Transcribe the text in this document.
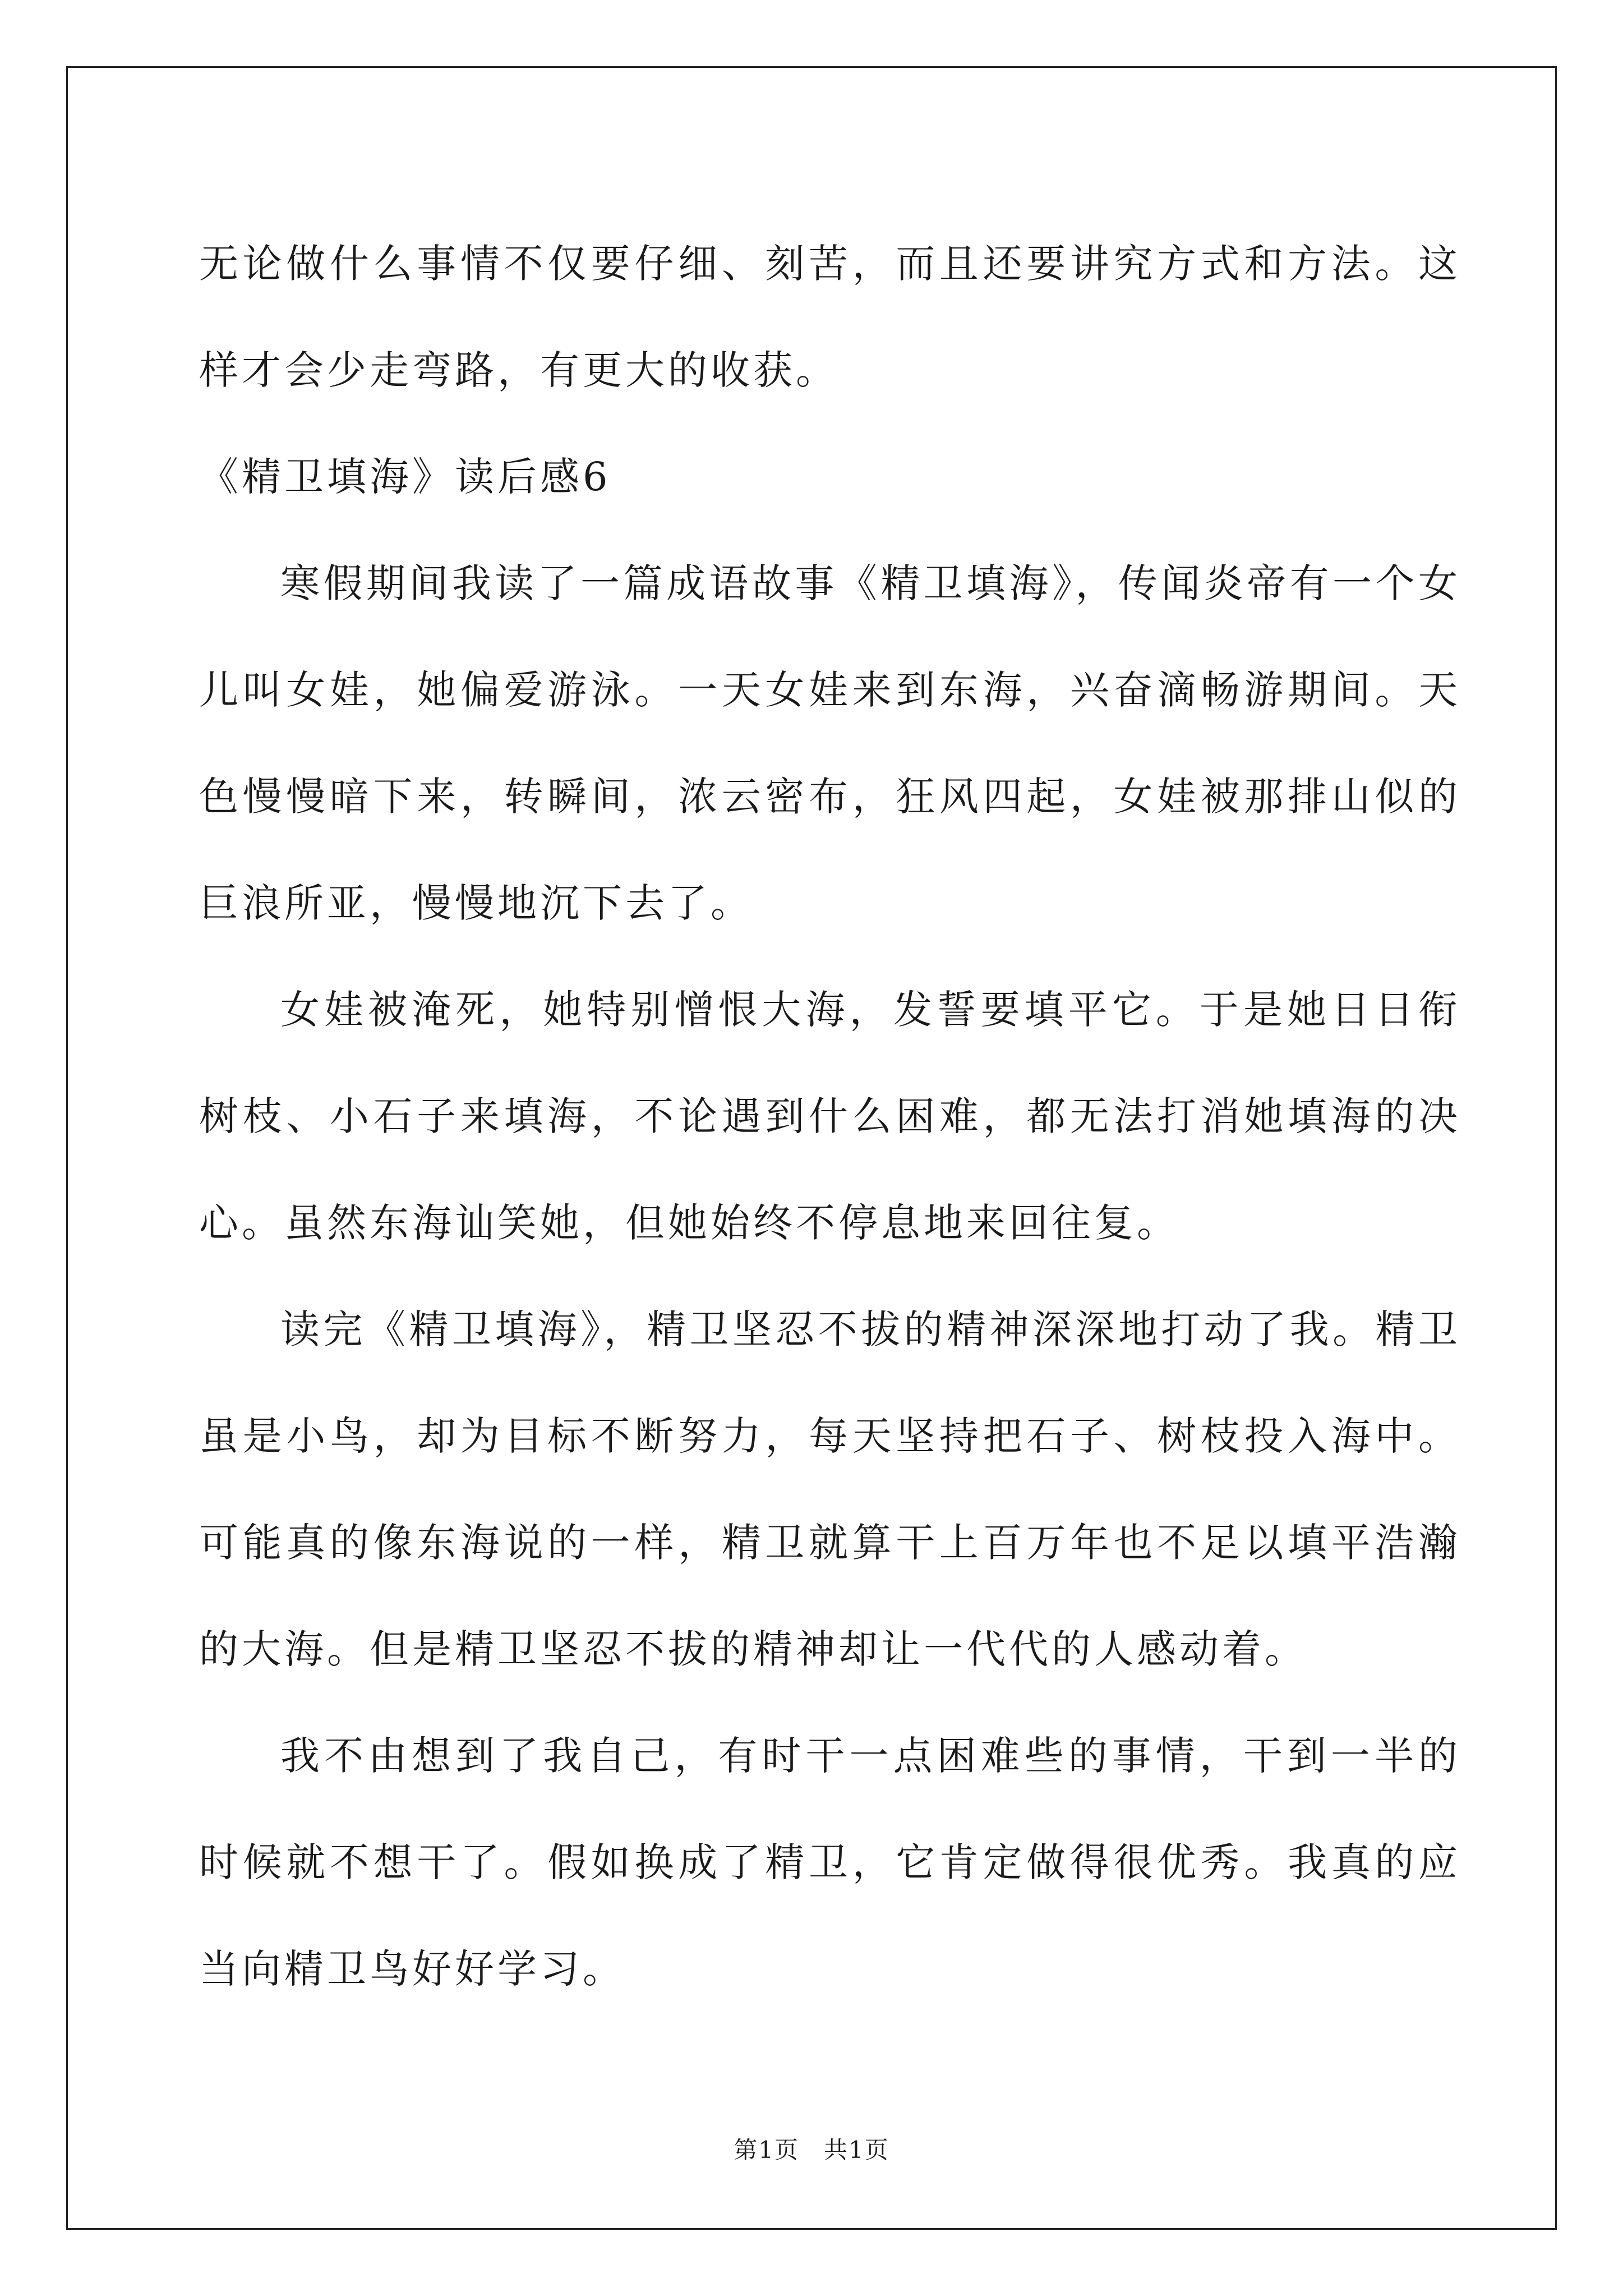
无论做什么事情不仅要仔细、刻苦，而且还要讲究方式和方法。这样才会少走弯路，有更大的收获。

《精卫填海》读后感6

寒假期间我读了一篇成语故事《精卫填海》，传闻炎帝有一个女儿叫女娃，她偏爱游泳。一天女娃来到东海，兴奋滴畅游期间。天色慢慢暗下来，转瞬间，浓云密布，狂风四起，女娃被那排山似的巨浪所亚，慢慢地沉下去了。

女娃被淹死，她特别憎恨大海，发誓要填平它。于是她日日衔树枝、小石子来填海，不论遇到什么困难，都无法打消她填海的决心。虽然东海讪笑她，但她始终不停息地来回往复。

读完《精卫填海》，精卫坚忍不拔的精神深深地打动了我。精卫虽是小鸟，却为目标不断努力，每天坚持把石子、树枝投入海中。可能真的像东海说的一样，精卫就算干上百万年也不足以填平浩瀚的大海。但是精卫坚忍不拔的精神却让一代代的人感动着。

我不由想到了我自己，有时干一点困难些的事情，干到一半的时候就不想干了。假如换成了精卫，它肯定做得很优秀。我真的应当向精卫鸟好好学习。

第1页　共1页
